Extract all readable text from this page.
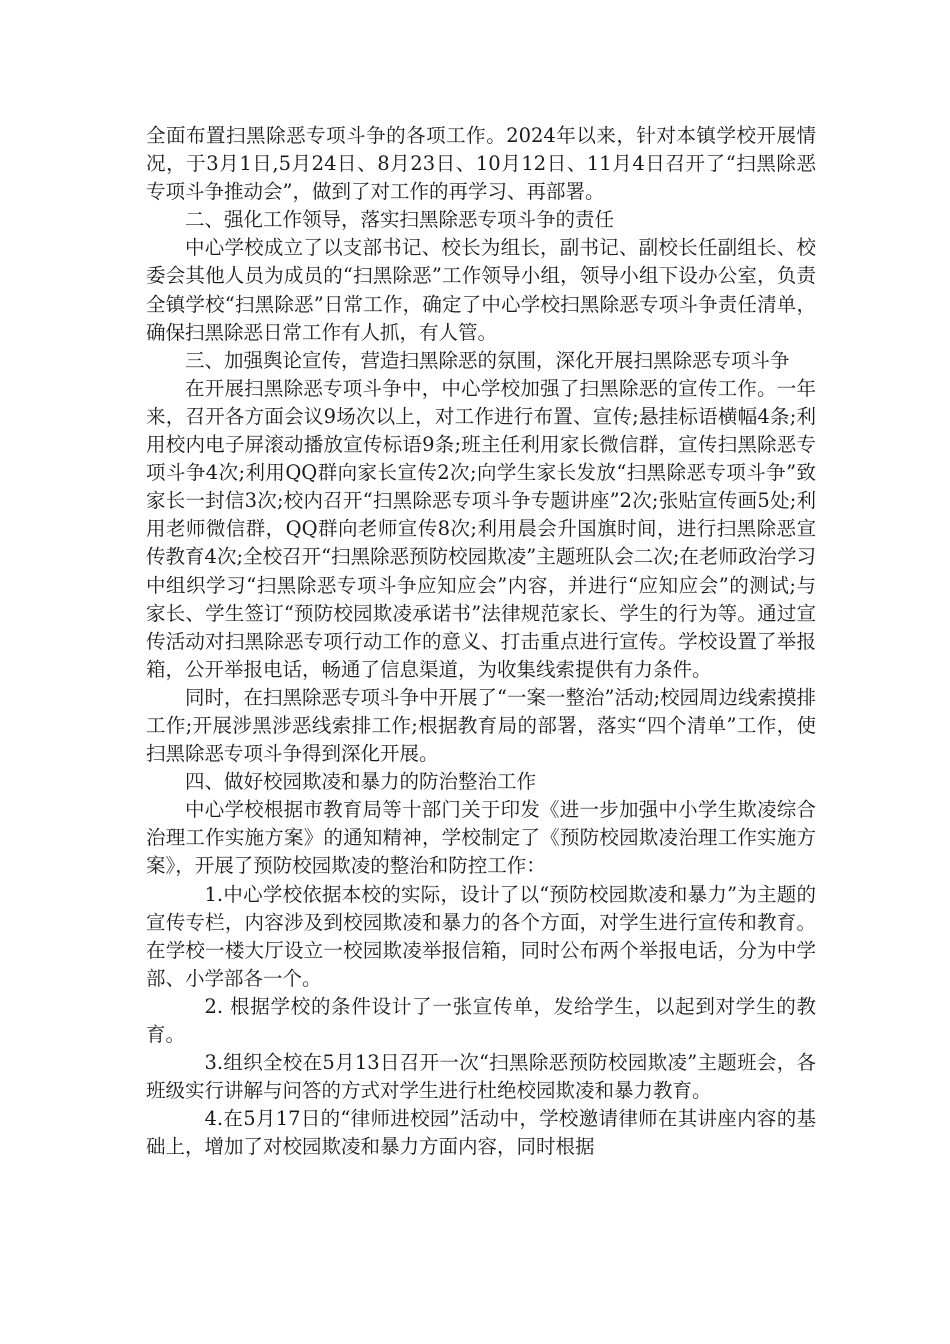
全面布置扫黑除恶专项斗争的各项工作。2024年以来，针对本镇学校开展情况，于3月1日,5月24日、8月23日、10月12日、11月4日召开了“扫黑除恶专项斗争推动会”，做到了对工作的再学习、再部署。

二、强化工作领导，落实扫黑除恶专项斗争的责任

中心学校成立了以支部书记、校长为组长，副书记、副校长任副组长、校委会其他人员为成员的“扫黑除恶”工作领导小组，领导小组下设办公室，负责全镇学校“扫黑除恶”日常工作，确定了中心学校扫黑除恶专项斗争责任清单，确保扫黑除恶日常工作有人抓，有人管。

三、加强舆论宣传，营造扫黑除恶的氛围，深化开展扫黑除恶专项斗争

在开展扫黑除恶专项斗争中，中心学校加强了扫黑除恶的宣传工作。一年来，召开各方面会议9场次以上，对工作进行布置、宣传;悬挂标语横幅4条;利用校内电子屏滚动播放宣传标语9条;班主任利用家长微信群，宣传扫黑除恶专项斗争4次;利用QQ群向家长宣传2次;向学生家长发放“扫黑除恶专项斗争”致家长一封信3次;校内召开“扫黑除恶专项斗争专题讲座”2次;张贴宣传画5处;利用老师微信群，QQ群向老师宣传8次;利用晨会升国旗时间，进行扫黑除恶宣传教育4次;全校召开“扫黑除恶预防校园欺凌”主题班队会二次;在老师政治学习中组织学习“扫黑除恶专项斗争应知应会”内容，并进行“应知应会”的测试;与家长、学生签订“预防校园欺凌承诺书”法律规范家长、学生的行为等。通过宣传活动对扫黑除恶专项行动工作的意义、打击重点进行宣传。学校设置了举报箱，公开举报电话，畅通了信息渠道，为收集线索提供有力条件。

同时，在扫黑除恶专项斗争中开展了“一案一整治”活动;校园周边线索摸排工作;开展涉黑涉恶线索排工作;根据教育局的部署，落实“四个清单”工作，使扫黑除恶专项斗争得到深化开展。

四、做好校园欺凌和暴力的防治整治工作

中心学校根据市教育局等十部门关于印发《进一步加强中小学生欺凌综合治理工作实施方案》的通知精神，学校制定了《预防校园欺凌治理工作实施方案》，开展了预防校园欺凌的整治和防控工作：

1.中心学校依据本校的实际，设计了以“预防校园欺凌和暴力”为主题的宣传专栏，内容涉及到校园欺凌和暴力的各个方面，对学生进行宣传和教育。在学校一楼大厅设立一校园欺凌举报信箱，同时公布两个举报电话，分为中学部、小学部各一个。

2. 根据学校的条件设计了一张宣传单，发给学生，以起到对学生的教育。

3.组织全校在5月13日召开一次“扫黑除恶预防校园欺凌”主题班会，各班级实行讲解与问答的方式对学生进行杜绝校园欺凌和暴力教育。

4.在5月17日的“律师进校园”活动中，学校邀请律师在其讲座内容的基础上，增加了对校园欺凌和暴力方面内容，同时根据
